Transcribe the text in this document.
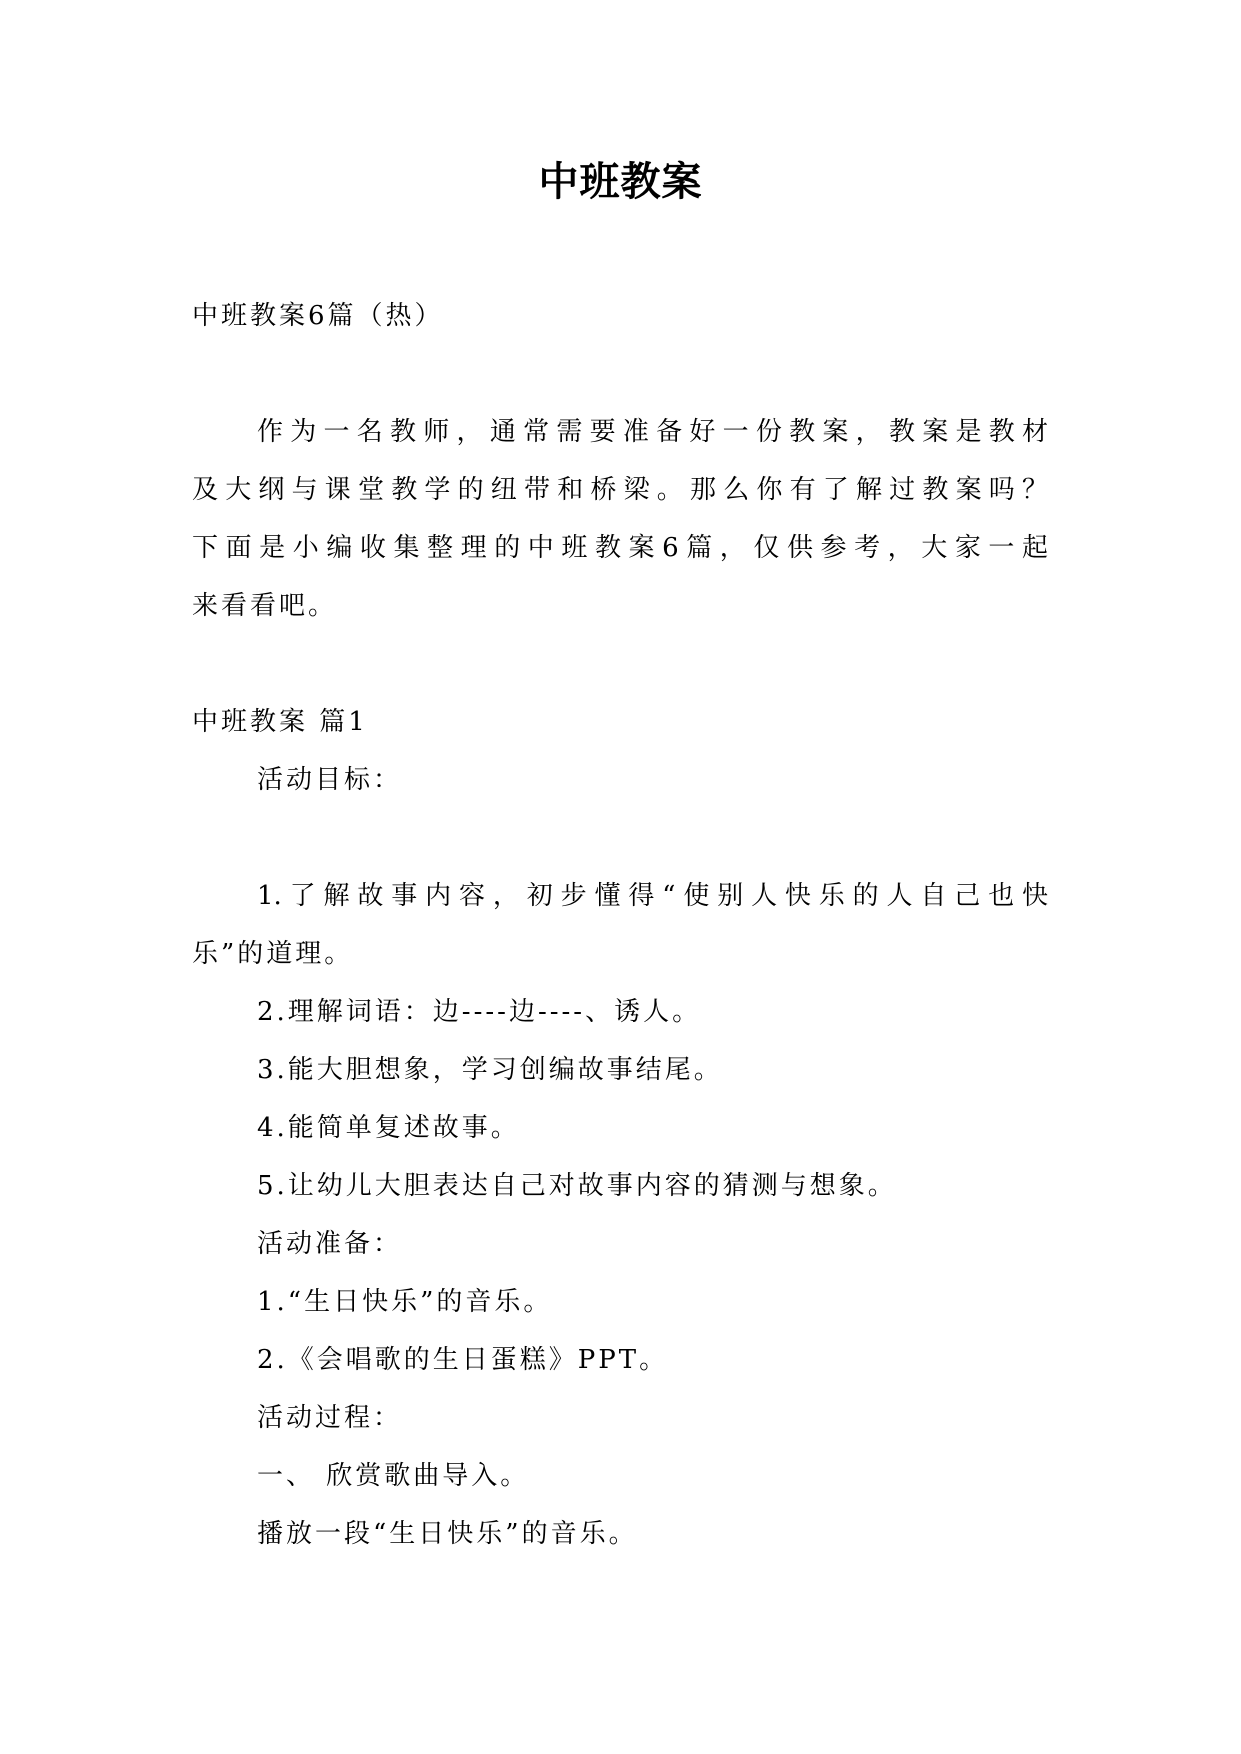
中班教案
中班教案6篇（热）
作为一名教师，通常需要准备好一份教案，教案是教材
及大纲与课堂教学的纽带和桥梁。那么你有了解过教案吗？
下面是小编收集整理的中班教案6篇，仅供参考，大家一起
来看看吧。
中班教案 篇1
活动目标：
1.了解故事内容，初步懂得“使别人快乐的人自己也快
乐”的道理。
2.理解词语：边----边----、诱人。
3.能大胆想象，学习创编故事结尾。
4.能简单复述故事。
5.让幼儿大胆表达自己对故事内容的猜测与想象。
活动准备：
1.“生日快乐”的音乐。
2.《会唱歌的生日蛋糕》PPT。
活动过程：
一、 欣赏歌曲导入。
播放一段“生日快乐”的音乐。
